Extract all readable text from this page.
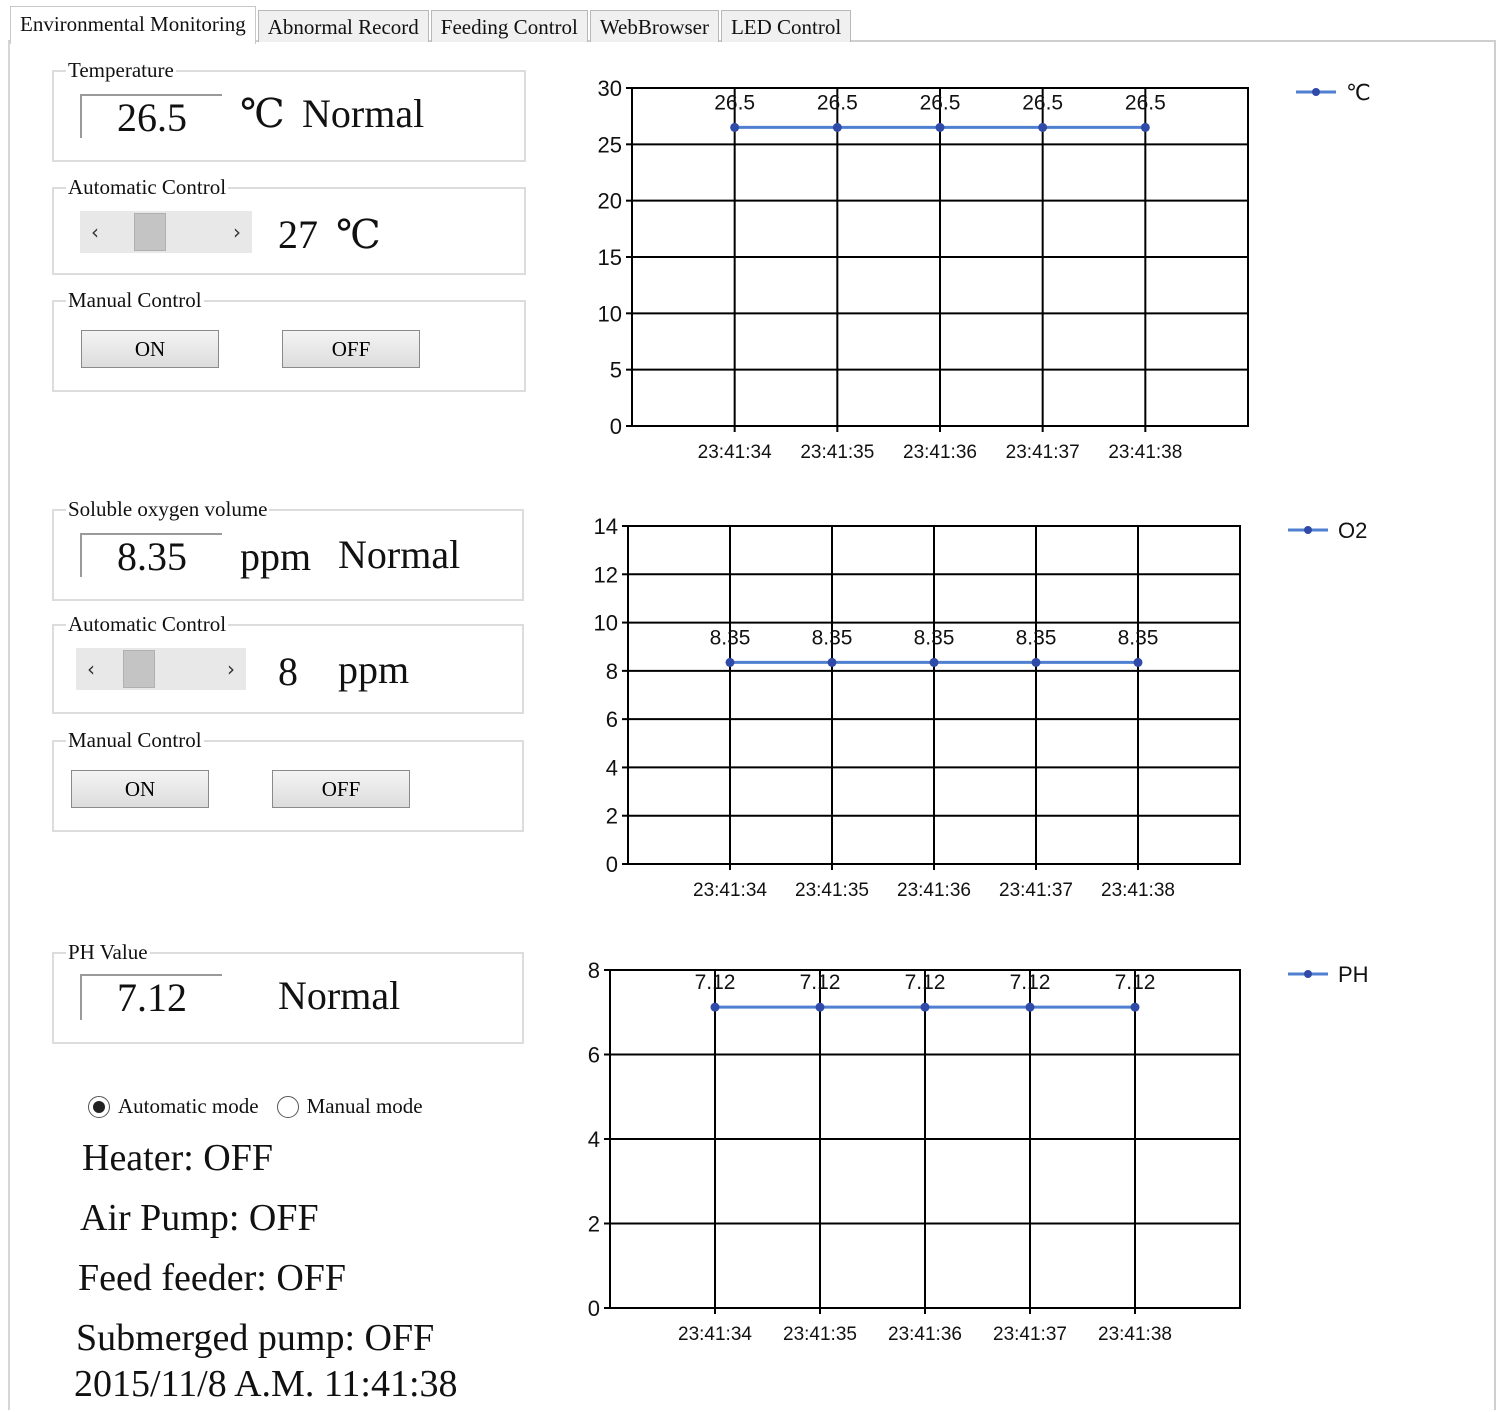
Environmental Monitoring	Abnormal Record	Feeding Control	WebBrowser	LED Control
Temperature
26.5	℃ Normal
Automatic Control
‹	› 27 ℃
Manual Control
ON	OFF
Soluble oxygen volume
8.35	ppm Normal
Automatic Control
‹	› 8 ppm
Manual Control
ON	OFF
PH Value
7.12	Normal
Automatic mode Manual mode
Heater: OFF
Air Pump: OFF
Feed feeder: OFF
Submerged pump: OFF
2015/11/8 A.M. 11:41:38
0
5
10
15
20
25
30
23:41:34 23:41:35 23:41:36 23:41:37 23:41:38
26.5	26.5	26.5	26.5	26.5	℃
0
2
4
6
8
10
12
14
23:41:34 23:41:35 23:41:36 23:41:37 23:41:38
8.35	8.35	8.35	8.35	8.35
O2
0
2
4
6
8
23:41:34 23:41:35 23:41:36 23:41:37 23:41:38
7.12	7.12	7.12	7.12	7.12	PH
